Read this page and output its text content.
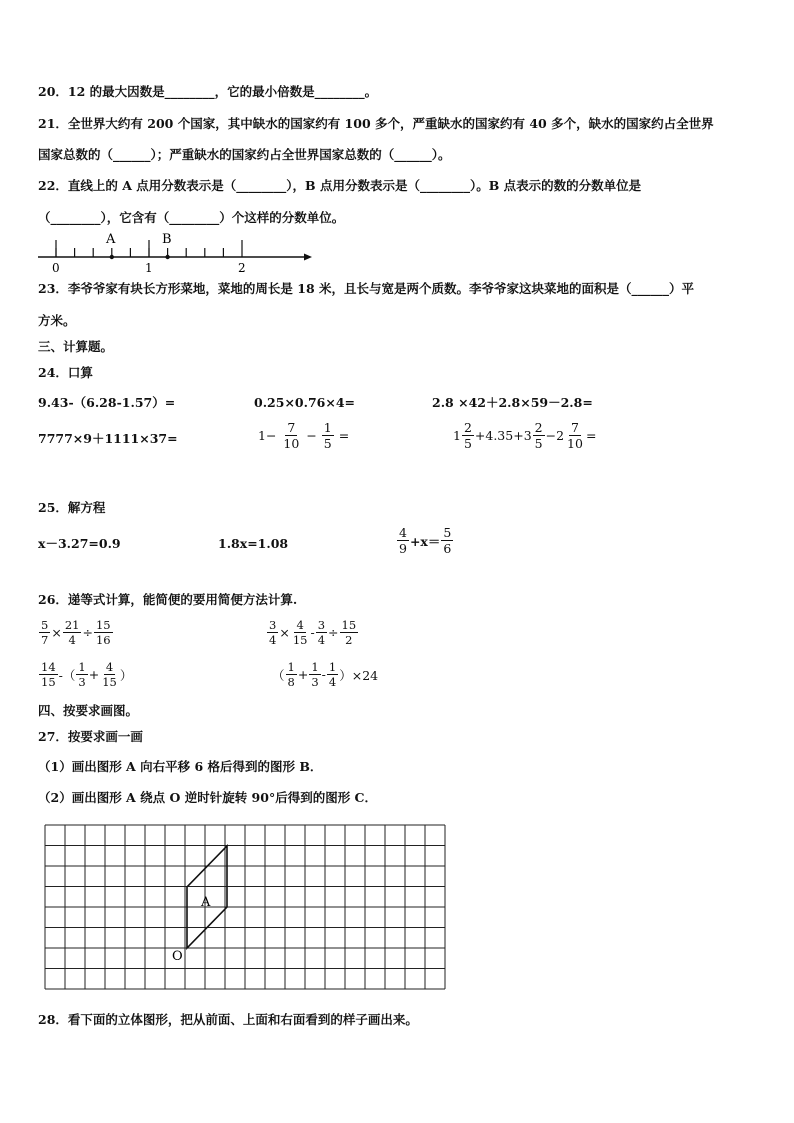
20．12 的最大因数是________，它的最小倍数是________。
21．全世界大约有 200 个国家，其中缺水的国家约有 100 多个，严重缺水的国家约有 40 多个，缺水的国家约占全世界
国家总数的（______）；严重缺水的国家约占全世界国家总数的（______）。
22．直线上的 A 点用分数表示是（________），B 点用分数表示是（________）。B 点表示的数的分数单位是
（________），它含有（________）个这样的分数单位。
A	B
0	1	2
23．李爷爷家有块长方形菜地，菜地的周长是 18 米，且长与宽是两个质数。李爷爷家这块菜地的面积是（______）平
方米。
三、计算题。
24．口算
9.43-（6.28-1.57）=	0.25×0.76×4=	2.8 ×42＋2.8×59－2.8=
7777×9＋1111×37=	$1- \frac{7}{10} - \frac{1}{5}$ =	$1 \frac{2}{5} +4.35+3 \frac{2}{5} -2 \frac{7}{10}$ =
25．解方程
x－3.27=0.9	1.8x=1.08	$\frac{4}{9} +x= \frac{5}{6}$
26．递等式计算，能简便的要用简便方法计算.
$\frac{5}{7} \times \frac{21}{4} \div \frac{15}{16}$	$\frac{3}{4} \times \frac{4}{15} - \frac{3}{4} \div \frac{15}{2}$
$\frac{14}{15}$ -（ $\frac{1}{3} + \frac{4}{15}$ ）	（ $\frac{1}{8} + \frac{1}{3} - \frac{1}{4} )\times 24$
四、按要求画图。
27．按要求画一画
（1）画出图形 A 向右平移 6 格后得到的图形 B．
（2）画出图形 A 绕点 O 逆时针旋转 90°后得到的图形 C．
A
O
28．看下面的立体图形，把从前面、上面和右面看到的样子画出来。
